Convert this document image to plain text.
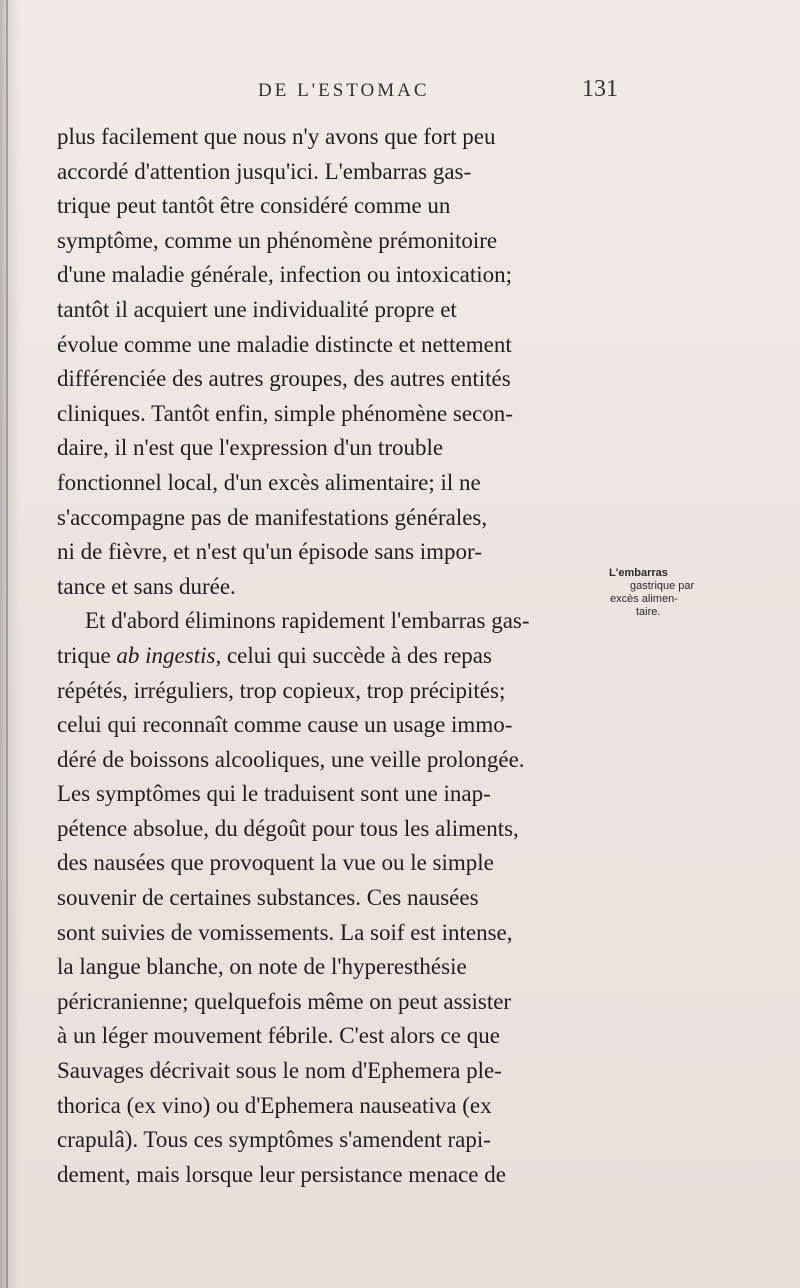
DE L'ESTOMAC	131
plus facilement que nous n'y avons que fort peu
accordé d'attention jusqu'ici. L'embarras gas-
trique peut tantôt être considéré comme un
symptôme, comme un phénomène prémonitoire
d'une maladie générale, infection ou intoxication;
tantôt il acquiert une individualité propre et
évolue comme une maladie distincte et nettement
différenciée des autres groupes, des autres entités
cliniques. Tantôt enfin, simple phénomène secon-
daire, il n'est que l'expression d'un trouble
fonctionnel local, d'un excès alimentaire; il ne
s'accompagne pas de manifestations générales,
ni de fièvre, et n'est qu'un épisode sans impor-
tance et sans durée.
Et d'abord éliminons rapidement l'embarras gas-
trique ab ingestis, celui qui succède à des repas
répétés, irréguliers, trop copieux, trop précipités;
celui qui reconnaît comme cause un usage immo-
déré de boissons alcooliques, une veille prolongée.
Les symptômes qui le traduisent sont une inap-
pétence absolue, du dégoût pour tous les aliments,
des nausées que provoquent la vue ou le simple
souvenir de certaines substances. Ces nausées
sont suivies de vomissements. La soif est intense,
la langue blanche, on note de l'hyperesthésie
péricranienne; quelquefois même on peut assister
à un léger mouvement fébrile. C'est alors ce que
Sauvages décrivait sous le nom d'Ephemera ple-
thorica (ex vino) ou d'Ephemera nauseativa (ex
crapulâ). Tous ces symptômes s'amendent rapi-
dement, mais lorsque leur persistance menace de
L'embarras
gastrique par
excès alimen-
taire.
